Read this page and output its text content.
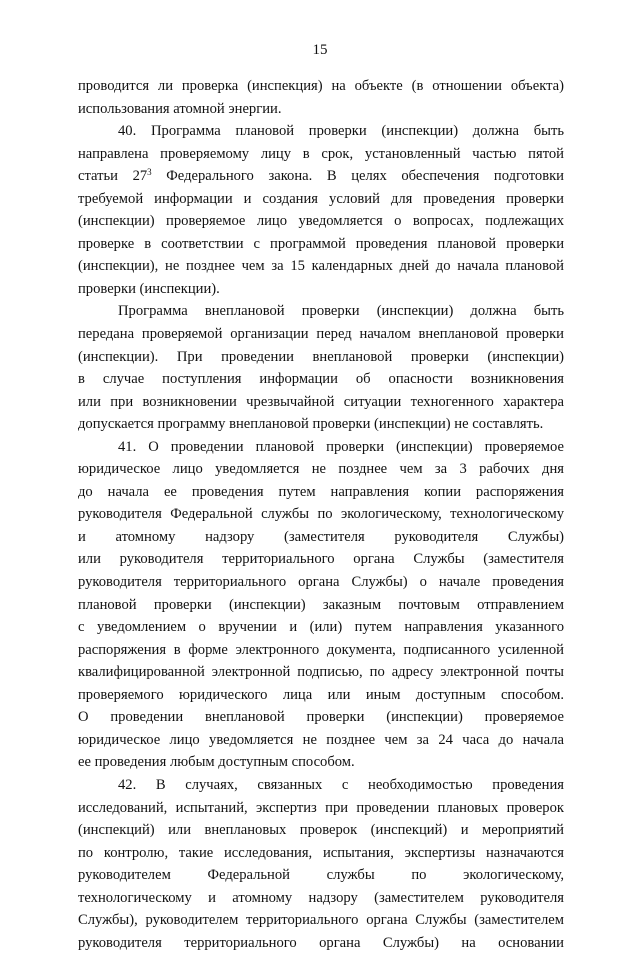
15
проводится ли проверка (инспекция) на объекте (в отношении объекта)
использования атомной энергии.
40. Программа плановой проверки (инспекции) должна быть
направлена проверяемому лицу в срок, установленный частью пятой
статьи $27^3$ Федерального закона. В целях обеспечения подготовки
требуемой информации и создания условий для проведения проверки
(инспекции) проверяемое лицо уведомляется о вопросах, подлежащих
проверке в соответствии с программой проведения плановой проверки
(инспекции), не позднее чем за 15 календарных дней до начала плановой
проверки (инспекции).
Программа внеплановой проверки (инспекции) должна быть
передана проверяемой организации перед началом внеплановой проверки
(инспекции). При проведении внеплановой проверки (инспекции)
в случае поступления информации об опасности возникновения
или при возникновении чрезвычайной ситуации техногенного характера
допускается программу внеплановой проверки (инспекции) не составлять.
41. О проведении плановой проверки (инспекции) проверяемое
юридическое лицо уведомляется не позднее чем за 3 рабочих дня
до начала ее проведения путем направления копии распоряжения
руководителя Федеральной службы по экологическому, технологическому
и атомному надзору (заместителя руководителя Службы)
или руководителя территориального органа Службы (заместителя
руководителя территориального органа Службы) о начале проведения
плановой проверки (инспекции) заказным почтовым отправлением
с уведомлением о вручении и (или) путем направления указанного
распоряжения в форме электронного документа, подписанного усиленной
квалифицированной электронной подписью, по адресу электронной почты
проверяемого юридического лица или иным доступным способом.
О проведении внеплановой проверки (инспекции) проверяемое
юридическое лицо уведомляется не позднее чем за 24 часа до начала
ее проведения любым доступным способом.
42. В случаях, связанных с необходимостью проведения
исследований, испытаний, экспертиз при проведении плановых проверок
(инспекций) или внеплановых проверок (инспекций) и мероприятий
по контролю, такие исследования, испытания, экспертизы назначаются
руководителем Федеральной службы по экологическому,
технологическому и атомному надзору (заместителем руководителя
Службы), руководителем территориального органа Службы (заместителем
руководителя территориального органа Службы) на основании
